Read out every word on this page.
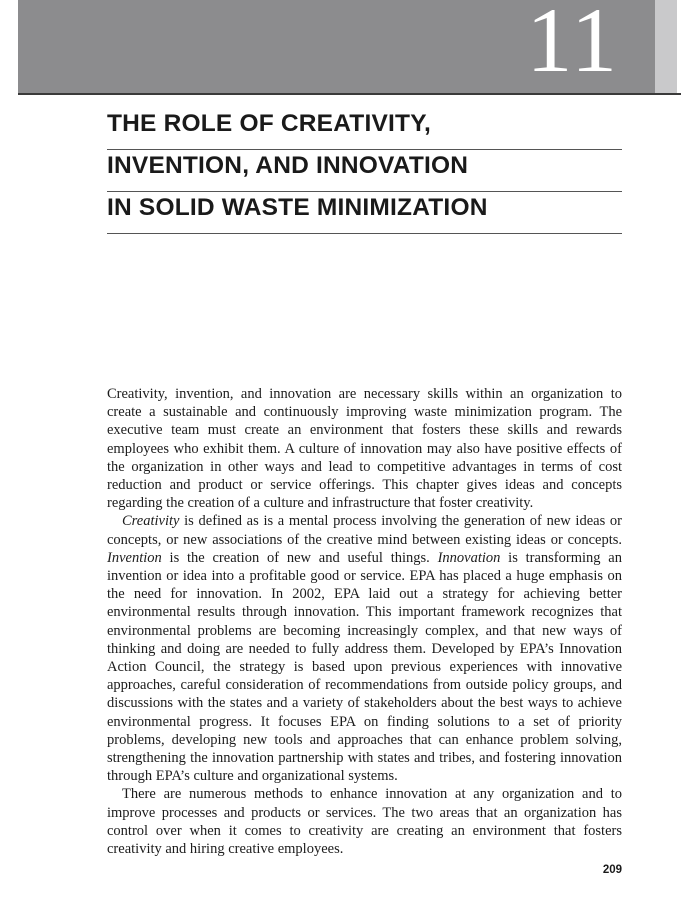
11
THE ROLE OF CREATIVITY,
INVENTION, AND INNOVATION
IN SOLID WASTE MINIMIZATION

Creativity, invention, and innovation are necessary skills within an organization to create a sustainable and continuously improving waste minimization program. The executive team must create an environment that fosters these skills and rewards employees who exhibit them. A culture of innovation may also have positive effects of the organization in other ways and lead to competitive advantages in terms of cost reduction and product or service offerings. This chapter gives ideas and concepts regarding the creation of a culture and infrastructure that foster creativity.

Creativity is defined as is a mental process involving the generation of new ideas or concepts, or new associations of the creative mind between existing ideas or concepts. Invention is the creation of new and useful things. Innovation is transforming an invention or idea into a profitable good or service. EPA has placed a huge emphasis on the need for innovation. In 2002, EPA laid out a strategy for achieving better environmental results through innovation. This important framework recognizes that environmental problems are becoming increasingly complex, and that new ways of thinking and doing are needed to fully address them. Developed by EPA’s Innovation Action Council, the strategy is based upon previous experiences with innovative approaches, careful consideration of recommendations from outside policy groups, and discussions with the states and a variety of stakeholders about the best ways to achieve environmental progress. It focuses EPA on finding solutions to a set of priority problems, developing new tools and approaches that can enhance problem solving, strengthening the innovation partnership with states and tribes, and fostering innovation through EPA’s culture and organizational systems.

There are numerous methods to enhance innovation at any organization and to improve processes and products or services. The two areas that an organization has control over when it comes to creativity are creating an environment that fosters creativity and hiring creative employees.

209
